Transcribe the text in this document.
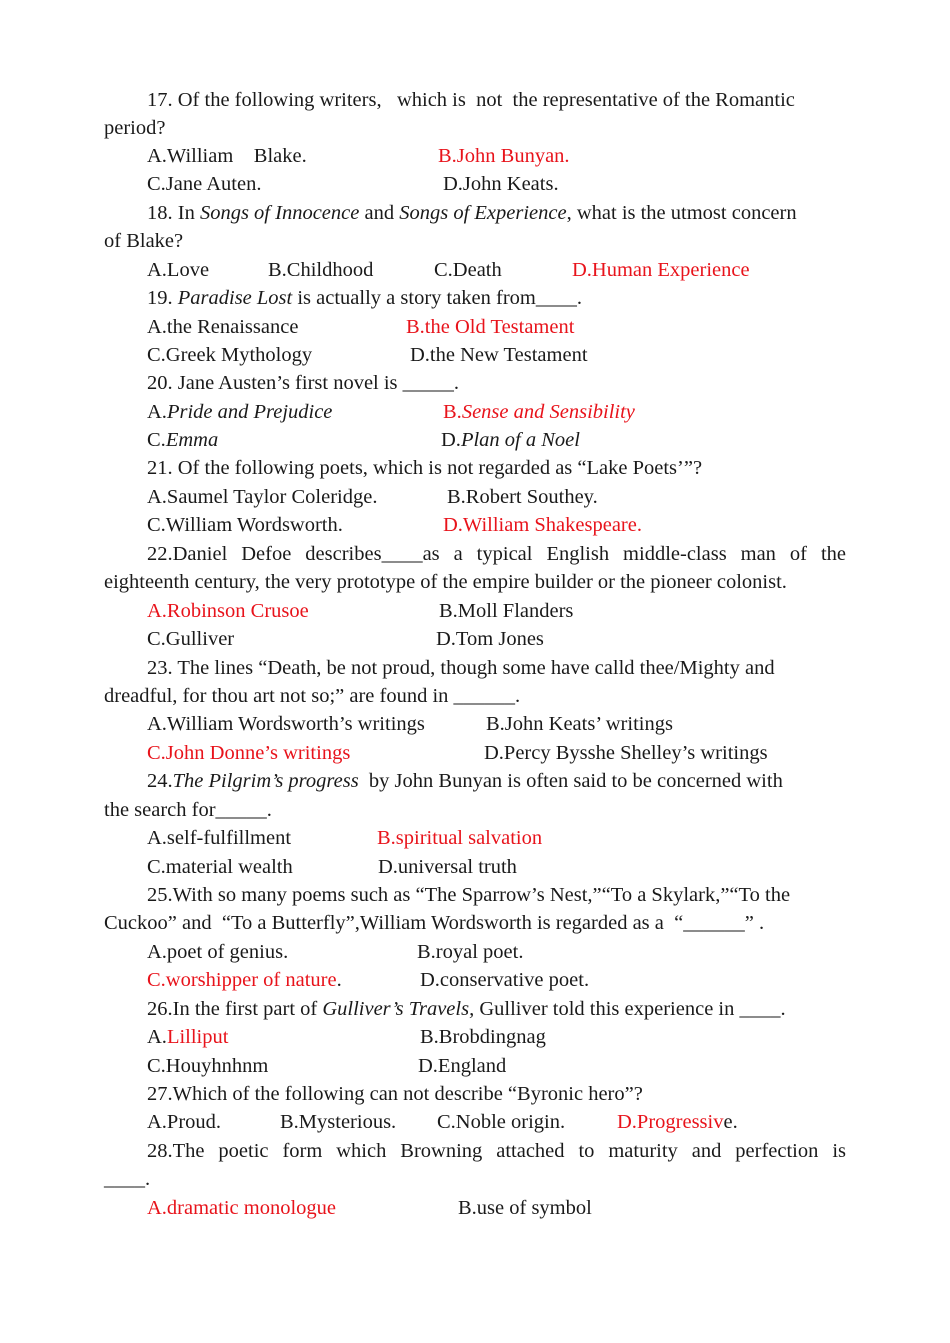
17. Of the following writers,   which is  not  the representative of the Romantic
period?
A.William    Blake.	B.John Bunyan.
C.Jane Auten.	D.John Keats.
18. In Songs of Innocence and Songs of Experience, what is the utmost concern
of Blake?
A.Love	B.Childhood	C.Death	D.Human Experience
19. Paradise Lost is actually a story taken from____.
A.the Renaissance	B.the Old Testament
C.Greek Mythology	D.the New Testament
20. Jane Austen’s first novel is _____.
A.Pride and Prejudice	B.Sense and Sensibility
C.Emma	D.Plan of a Noel
21. Of the following poets, which is not regarded as “Lake Poets’”?
A.Saumel Taylor Coleridge.	B.Robert Southey.
C.William Wordsworth.	D.William Shakespeare.
22.Daniel Defoe describes____as a typical English middle-class man of the
eighteenth century, the very prototype of the empire builder or the pioneer colonist.
A.Robinson Crusoe	B.Moll Flanders
C.Gulliver	D.Tom Jones
23. The lines “Death, be not proud, though some have calld thee/Mighty and
dreadful, for thou art not so;” are found in ______.
A.William Wordsworth’s writings	B.John Keats’ writings
C.John Donne’s writings	D.Percy Bysshe Shelley’s writings
24.The Pilgrim’s progress  by John Bunyan is often said to be concerned with
the search for_____.
A.self-fulfillment	B.spiritual salvation
C.material wealth	D.universal truth
25.With so many poems such as “The Sparrow’s Nest,”“To a Skylark,”“To the
Cuckoo” and  “To a Butterfly”,William Wordsworth is regarded as a  “______” .
A.poet of genius.	B.royal poet.
C.worshipper of nature.	D.conservative poet.
26.In the first part of Gulliver’s Travels, Gulliver told this experience in ____.
A.Lilliput	B.Brobdingnag
C.Houyhnhnm	D.England
27.Which of the following can not describe “Byronic hero”?
A.Proud.	B.Mysterious. C.Noble origin.	D.Progressive.
28.The poetic form which Browning attached to maturity and perfection is
____.
A.dramatic monologue	B.use of symbol
